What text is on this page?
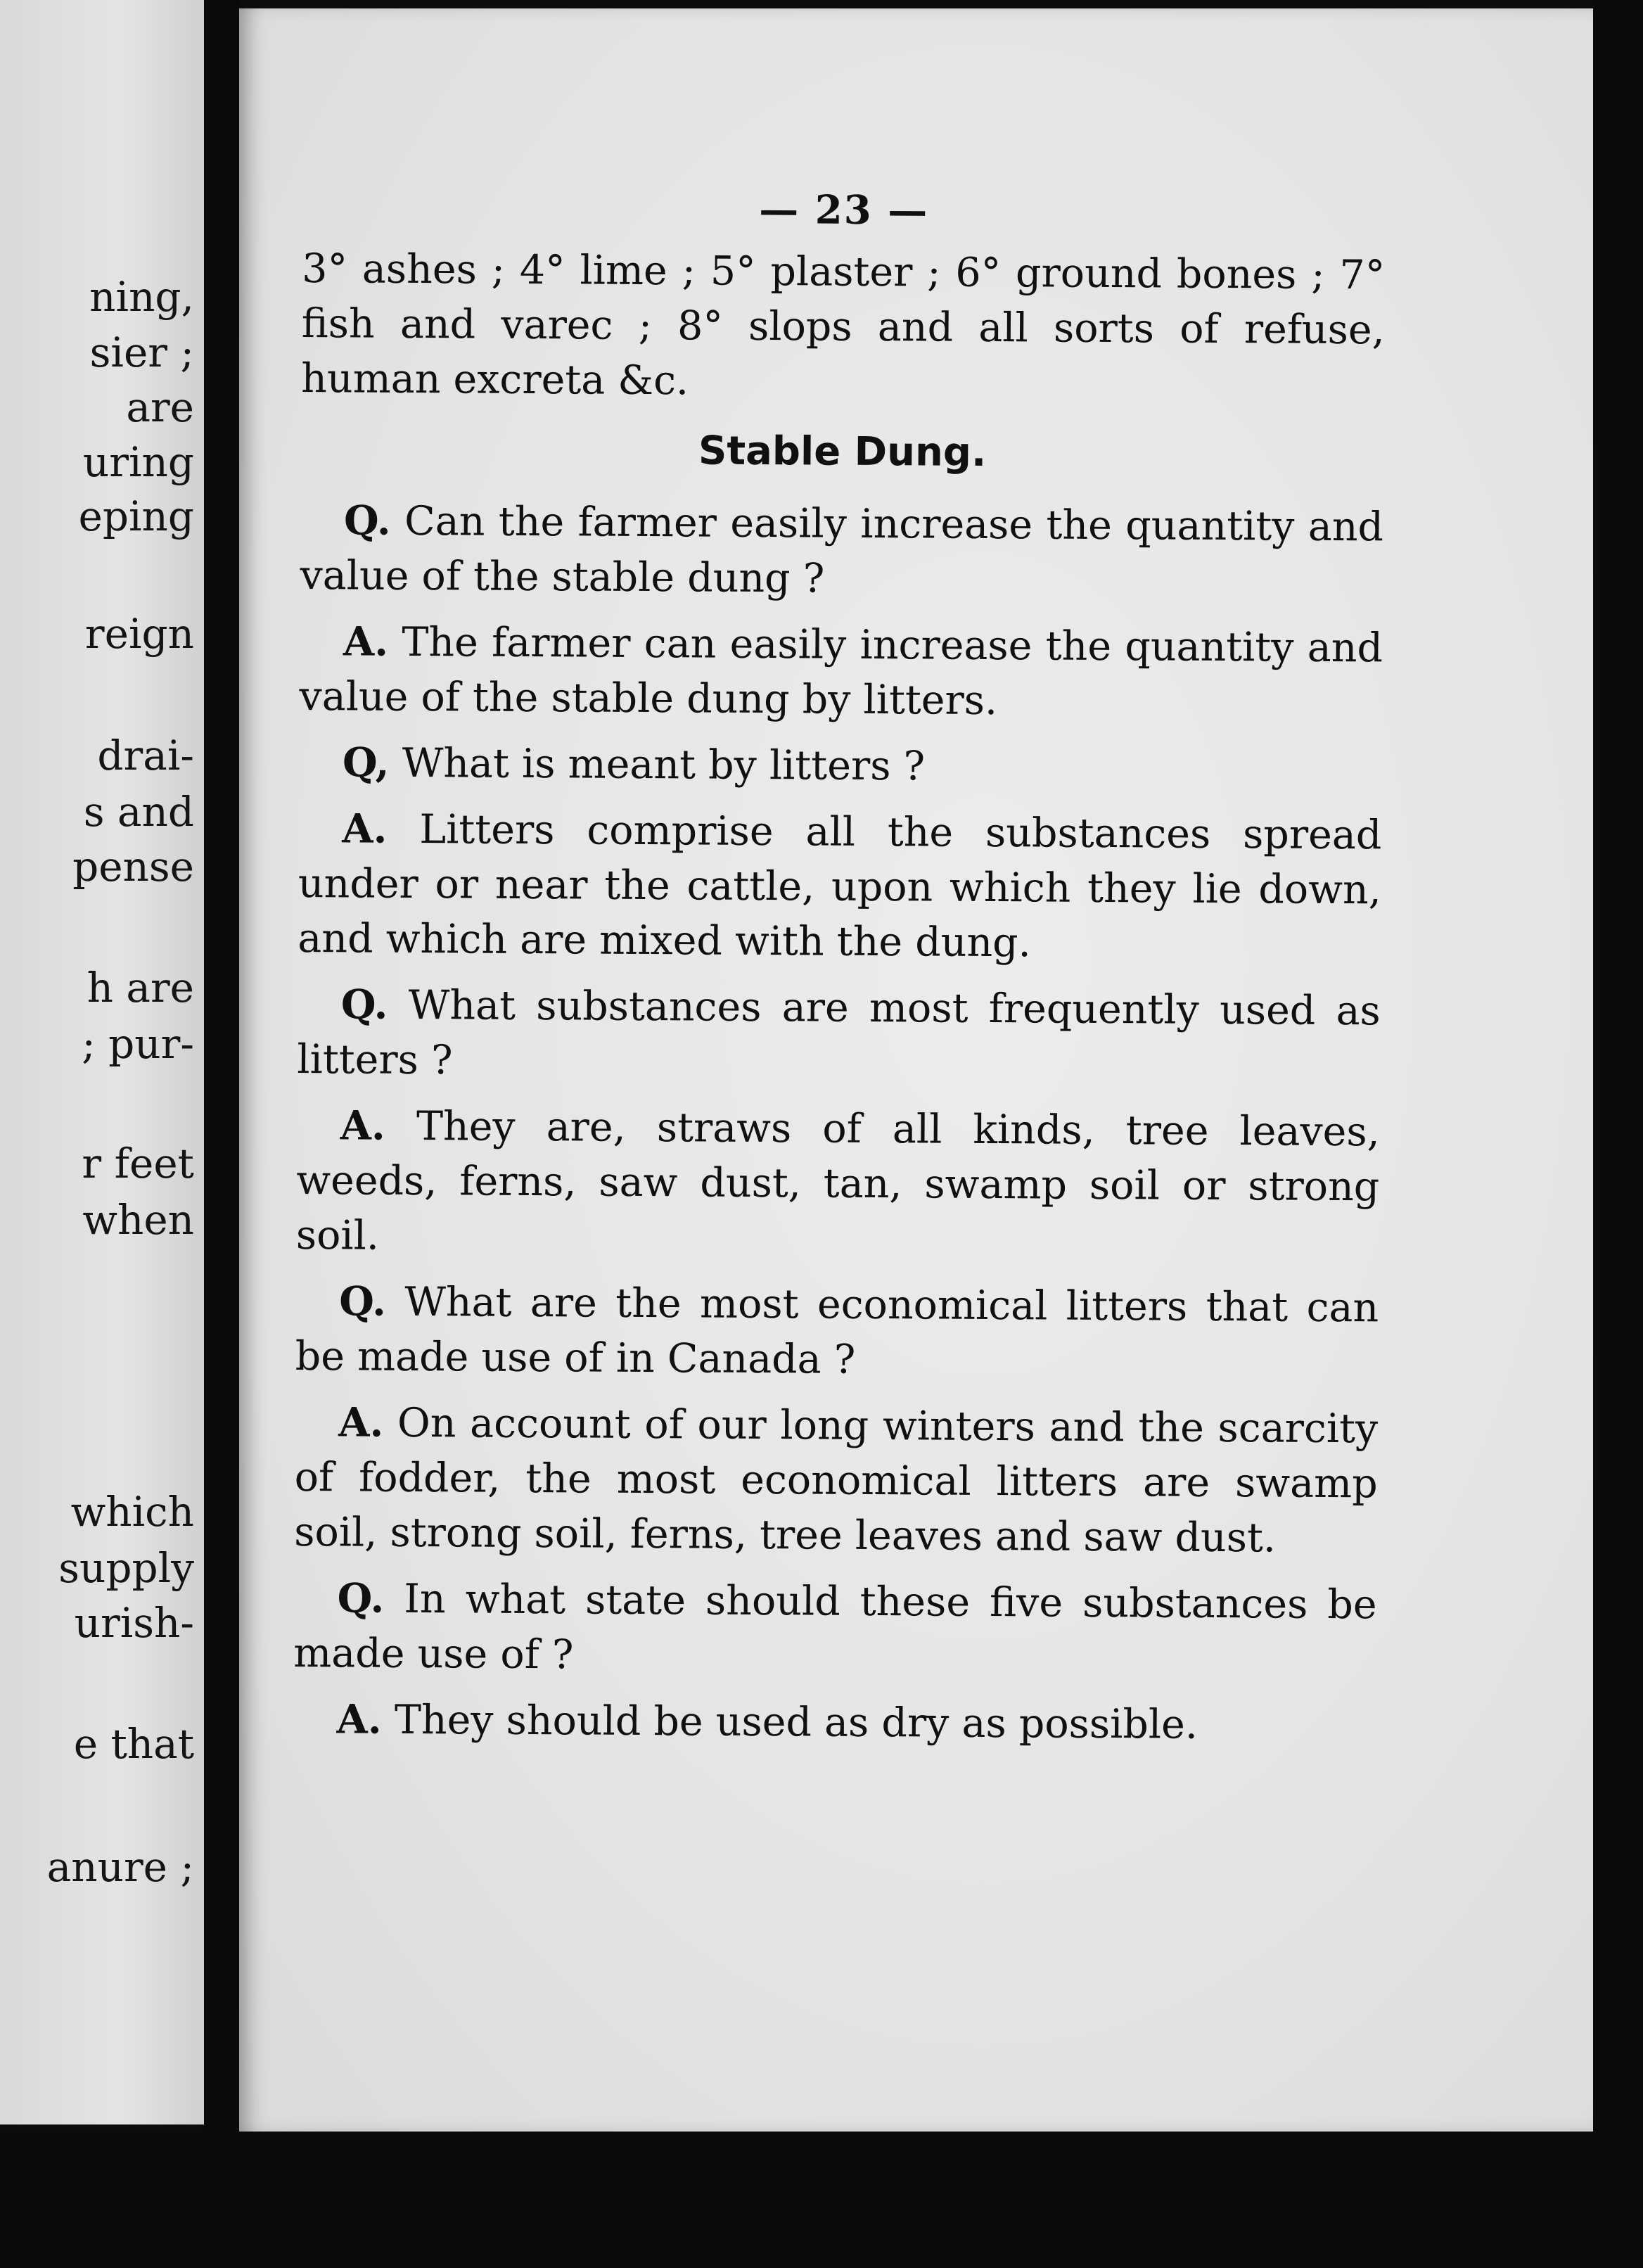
ning,
sier ;
are
uring
eping
reign
drai-
s and
pense
h are
; pur-
r feet
when
which
supply
urish-
e that
anure ;
— 23 —

3° ashes ; 4° lime ; 5° plaster ; 6° ground bones ; 7° fish and varec ; 8° slops and all sorts of refuse, human excreta &c.

Stable Dung.

Q. Can the farmer easily increase the quantity and value of the stable dung ?

A. The farmer can easily increase the quantity and value of the stable dung by litters.

Q, What is meant by litters ?

A. Litters comprise all the substances spread under or near the cattle, upon which they lie down, and which are mixed with the dung.

Q. What substances are most frequently used as litters ?

A. They are, straws of all kinds, tree leaves, weeds, ferns, saw dust, tan, swamp soil or strong soil.

Q. What are the most economical litters that can be made use of in Canada ?

A. On account of our long winters and the scarcity of fodder, the most economical litters are swamp soil, strong soil, ferns, tree leaves and saw dust.

Q. In what state should these five substances be made use of ?

A. They should be used as dry as possible.
